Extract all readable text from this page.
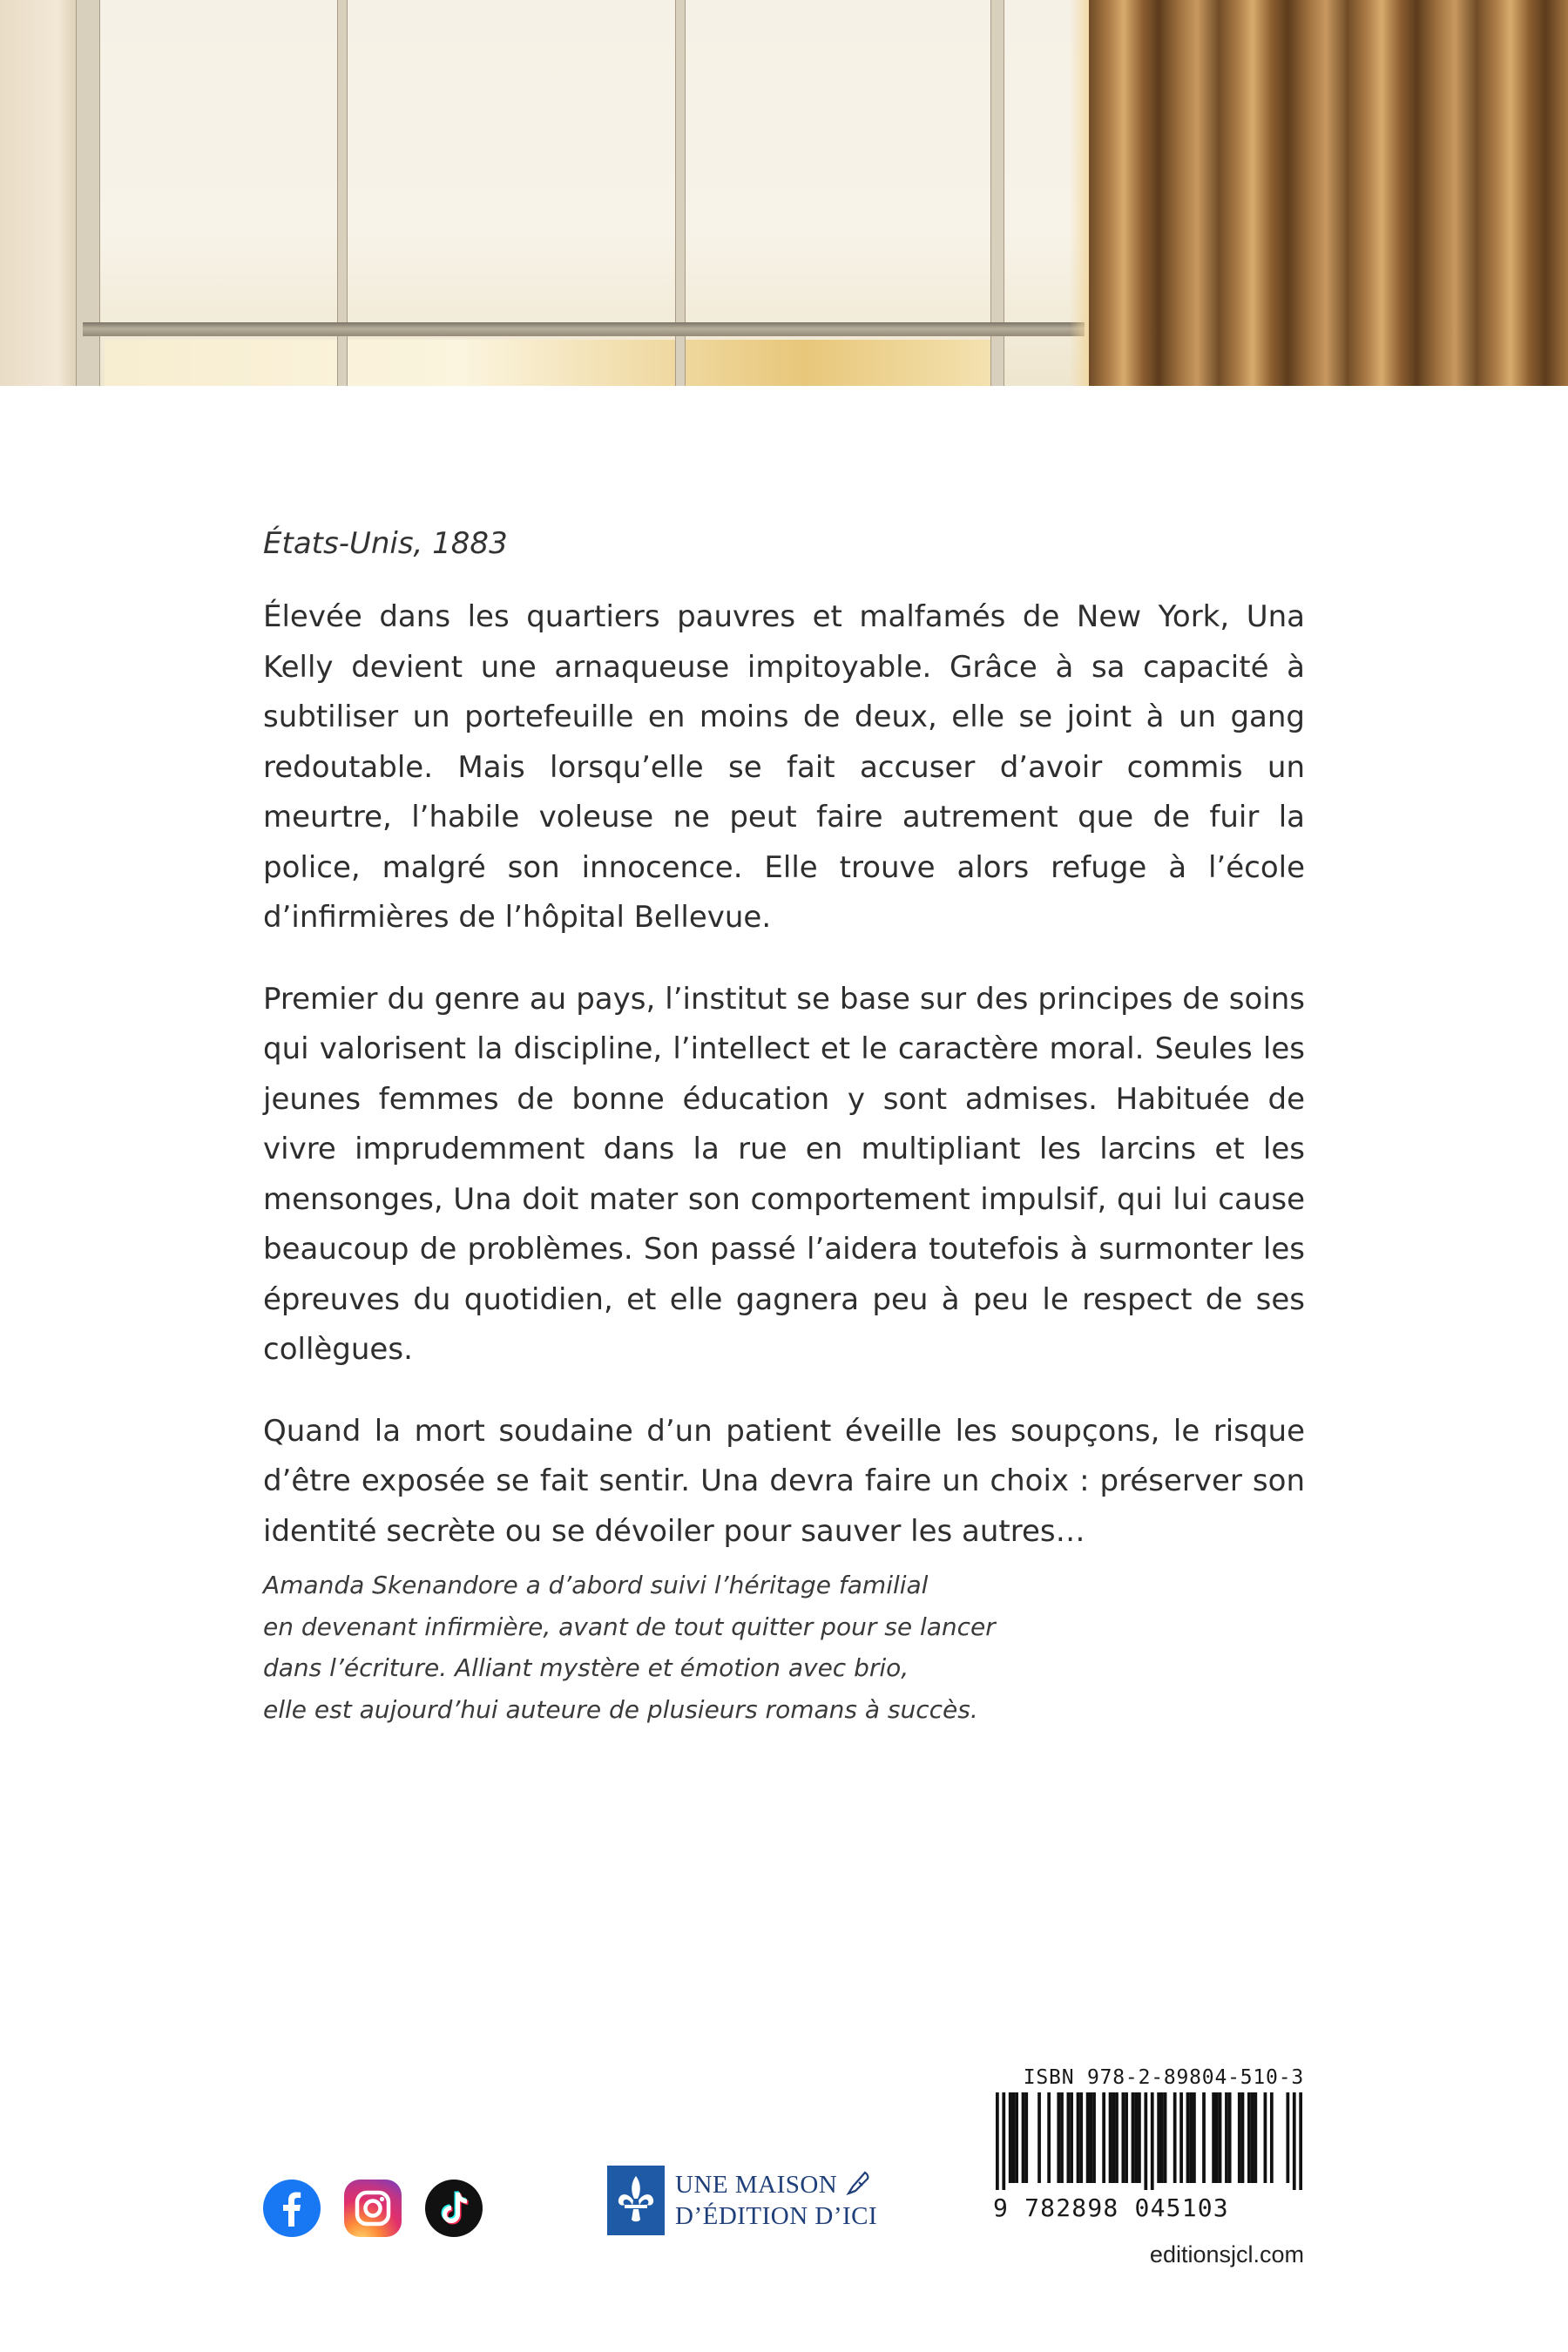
États-Unis, 1883

Élevée dans les quartiers pauvres et malfamés de New York, Una Kelly devient une arnaqueuse impitoyable. Grâce à sa capacité à subtiliser un portefeuille en moins de deux, elle se joint à un gang redoutable. Mais lorsqu’elle se fait accuser d’avoir commis un meurtre, l’habile voleuse ne peut faire autrement que de fuir la police, malgré son innocence. Elle trouve alors refuge à l’école d’infirmières de l’hôpital Bellevue.

Premier du genre au pays, l’institut se base sur des principes de soins qui valorisent la discipline, l’intellect et le caractère moral. Seules les jeunes femmes de bonne éducation y sont admises. Habituée de vivre imprudemment dans la rue en multipliant les larcins et les mensonges, Una doit mater son comportement impulsif, qui lui cause beaucoup de problèmes. Son passé l’aidera toutefois à surmonter les épreuves du quotidien, et elle gagnera peu à peu le respect de ses collègues.

Quand la mort soudaine d’un patient éveille les soupçons, le risque d’être exposée se fait sentir. Una devra faire un choix : préserver son identité secrète ou se dévoiler pour sauver les autres…

Amanda Skenandore a d’abord suivi l’héritage familial
en devenant infirmière, avant de tout quitter pour se lancer
dans l’écriture. Alliant mystère et émotion avec brio,
elle est aujourd’hui auteure de plusieurs romans à succès.
UNE MAISON
D’ÉDITION D’ICI
ISBN 978-2-89804-510-3
9 782898 045103
editionsjcl.com
